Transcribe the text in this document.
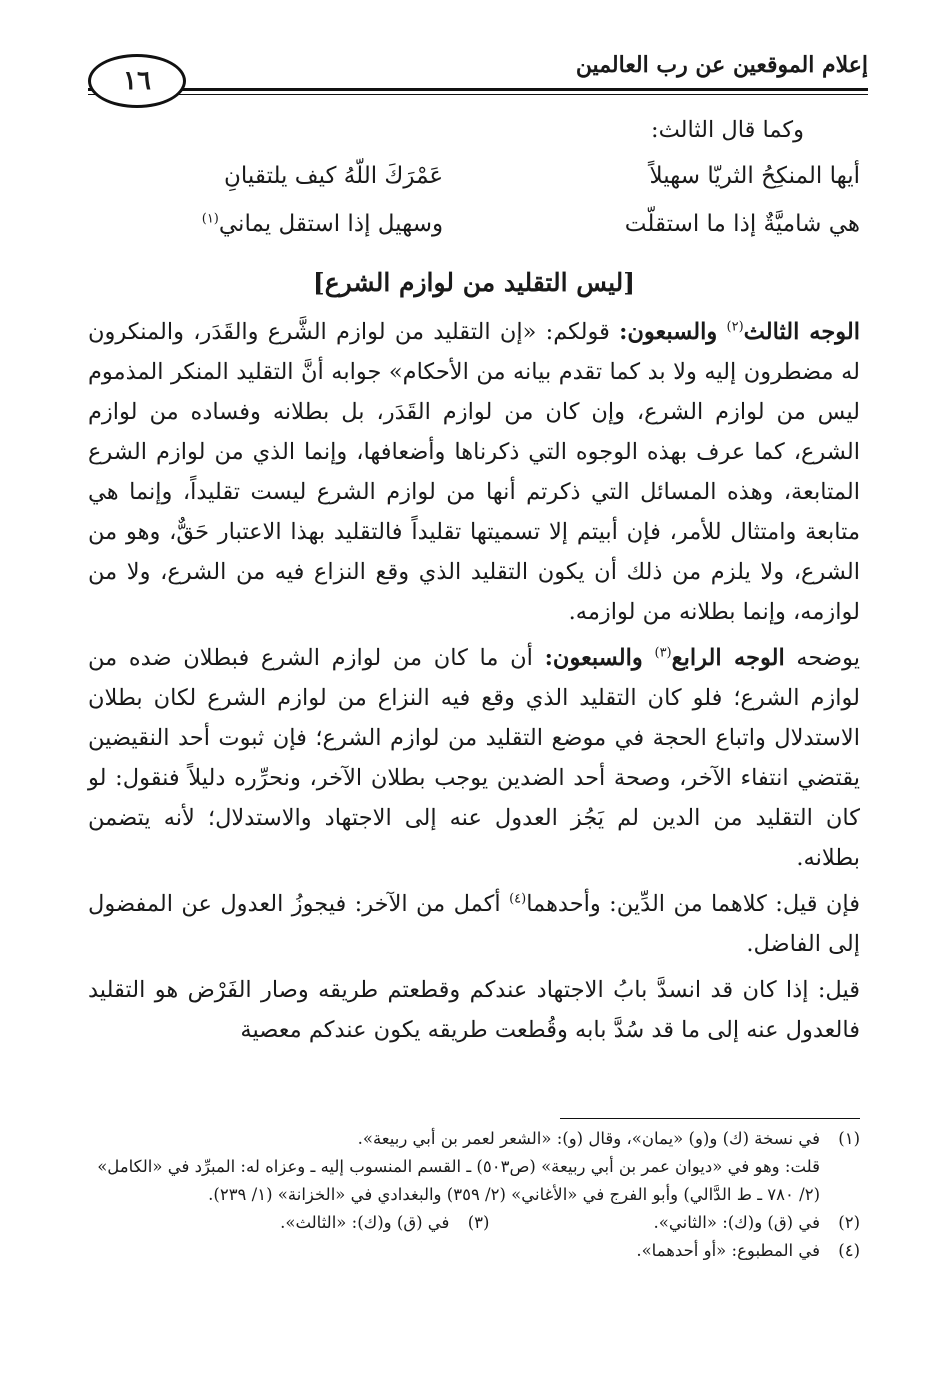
إعلام الموقعين عن رب العالمين
١٦
وكما قال الثالث:
أيها المنكِحُ الثريّا سهيلاً
عَمْرَكَ اللّهُ كيف يلتقيانِ
هي شاميَّةٌ إذا ما استقلّت
وسهيل إذا استقل يماني$^{(١)}$
[ليس التقليد من لوازم الشرع]

الوجه الثالث$^{(٢)}$ والسبعون: قولكم: «إن التقليد من لوازم الشَّرع والقَدَر، والمنكرون له مضطرون إليه ولا بد كما تقدم بيانه من الأحكام» جوابه أنَّ التقليد المنكر المذموم ليس من لوازم الشرع، وإن كان من لوازم القَدَر، بل بطلانه وفساده من لوازم الشرع، كما عرف بهذه الوجوه التي ذكرناها وأضعافها، وإنما الذي من لوازم الشرع المتابعة، وهذه المسائل التي ذكرتم أنها من لوازم الشرع ليست تقليداً، وإنما هي متابعة وامتثال للأمر، فإن أبيتم إلا تسميتها تقليداً فالتقليد بهذا الاعتبار حَقٌّ، وهو من الشرع، ولا يلزم من ذلك أن يكون التقليد الذي وقع النزاع فيه من الشرع، ولا من لوازمه، وإنما بطلانه من لوازمه.

يوضحه الوجه الرابع$^{(٣)}$ والسبعون: أن ما كان من لوازم الشرع فبطلان ضده من لوازم الشرع؛ فلو كان التقليد الذي وقع فيه النزاع من لوازم الشرع لكان بطلان الاستدلال واتباع الحجة في موضع التقليد من لوازم الشرع؛ فإن ثبوت أحد النقيضين يقتضي انتفاء الآخر، وصحة أحد الضدين يوجب بطلان الآخر، ونحرِّره دليلاً فنقول: لو كان التقليد من الدين لم يَجُز العدول عنه إلى الاجتهاد والاستدلال؛ لأنه يتضمن بطلانه.

فإن قيل: كلاهما من الدِّين: وأحدهما$^{(٤)}$ أكمل من الآخر: فيجوزُ العدول عن المفضول إلى الفاضل.

قيل: إذا كان قد انسدَّ بابُ الاجتهاد عندكم وقطعتم طريقه وصار الفَرْض هو التقليد فالعدول عنه إلى ما قد سُدَّ بابه وقُطعت طريقه يكون عندكم معصية

(١)
في نسخة (ك) و(و) «يمان»، وقال (و): «الشعر لعمر بن أبي ربيعة».
قلت: وهو في «ديوان عمر بن أبي ربيعة» (ص٥٠٣) ـ القسم المنسوب إليه ـ وعزاه له: المبرِّد في «الكامل» (٢/ ٧٨٠ ـ ط الدَّالي) وأبو الفرج في «الأغاني» (٢/ ٣٥٩) والبغدادي في «الخزانة» (١/ ٢٣٩).
(٢)
في (ق) و(ك): «الثاني».
(٣)
في (ق) و(ك): «الثالث».
(٤)
في المطبوع: «أو أحدهما».
